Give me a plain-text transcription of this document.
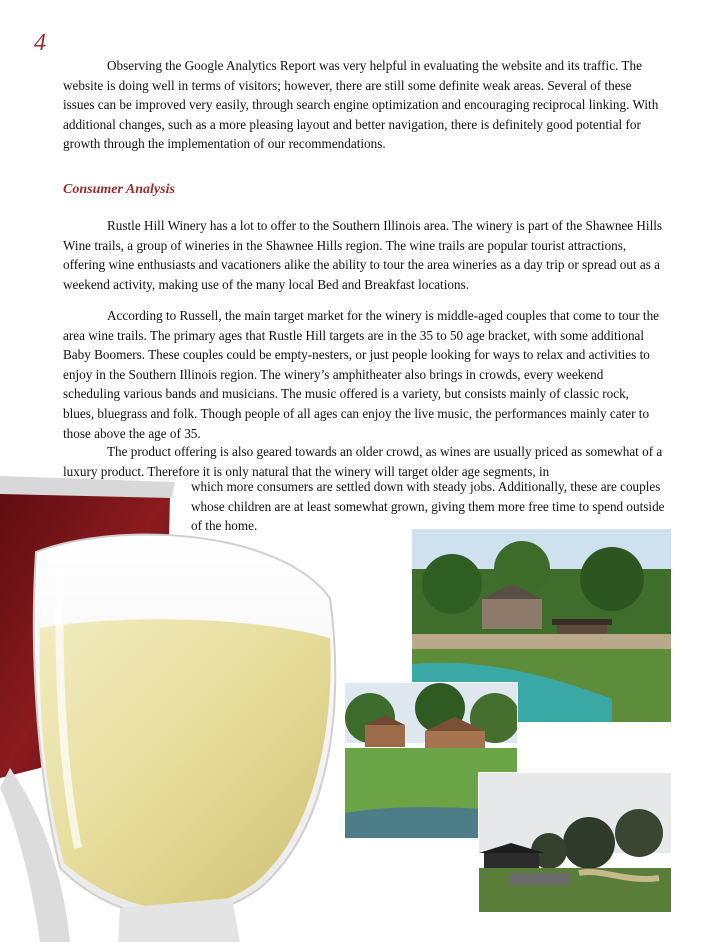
4

Observing the Google Analytics Report was very helpful in evaluating the website and its traffic. The website is doing well in terms of visitors; however, there are still some definite weak areas. Several of these issues can be improved very easily, through search engine optimization and encouraging reciprocal linking. With additional changes, such as a more pleasing layout and better navigation, there is definitely good potential for growth through the implementation of our recommendations.

Consumer Analysis

Rustle Hill Winery has a lot to offer to the Southern Illinois area. The winery is part of the Shawnee Hills Wine trails, a group of wineries in the Shawnee Hills region. The wine trails are popular tourist attractions, offering wine enthusiasts and vacationers alike the ability to tour the area wineries as a day trip or spread out as a weekend activity, making use of the many local Bed and Breakfast locations.

According to Russell, the main target market for the winery is middle-aged couples that come to tour the area wine trails. The primary ages that Rustle Hill targets are in the 35 to 50 age bracket, with some additional Baby Boomers. These couples could be empty-nesters, or just people looking for ways to relax and activities to enjoy in the Southern Illinois region. The winery’s amphitheater also brings in crowds, every weekend scheduling various bands and musicians. The music offered is a variety, but consists mainly of classic rock, blues, bluegrass and folk. Though people of all ages can enjoy the live music, the performances mainly cater to those above the age of 35.

The product offering is also geared towards an older crowd, as wines are usually priced as somewhat of a luxury product. Therefore it is only natural that the winery will target older age segments, in

which more consumers are settled down with steady jobs. Additionally, these are couples whose children are at least somewhat grown, giving them more free time to spend outside of the home.
